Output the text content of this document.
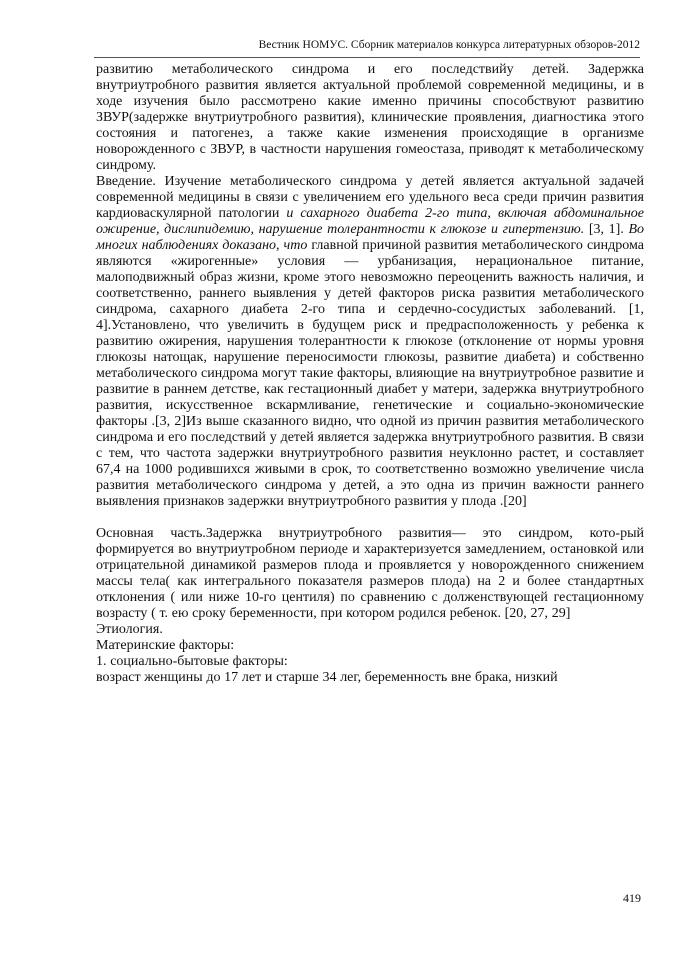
Вестник НОМУС. Сборник материалов конкурса литературных обзоров-2012

развитию метаболического синдрома и его последствийу детей. Задержка внутриутробного развития является актуальной проблемой современной медицины, и в ходе изучения было рассмотрено какие именно причины способствуют развитию ЗВУР(задержке внутриутробного развития), клинические проявления, диагностика этого состояния и патогенез, а также какие изменения происходящие в организме новорожденного с ЗВУР, в частности нарушения гомеостаза, приводят к метаболическому синдрому.

Введение. Изучение метаболического синдрома у детей является актуальной задачей современной медицины в связи с увеличением его удельного веса среди причин развития кардиоваскулярной патологии и сахарного диабета 2-го типа, включая абдоминальное ожирение, дислипидемию, нарушение толерантности к глюкозе и гипертензию. [3, 1]. Во многих наблюдениях доказано, что главной причиной развития метаболического синдрома являются «жирогенные» условия — урбанизация, нерациональное питание, малоподвижный образ жизни, кроме этого невозможно переоценить важность наличия, и соответственно, раннего выявления у детей факторов риска развития метаболического синдрома, сахарного диабета 2-го типа и сердечно-сосудистых заболеваний. [1, 4].Установлено, что увеличить в будущем риск и предрасположенность у ребенка к развитию ожирения, нарушения толерантности к глюкозе (отклонение от нормы уровня глюкозы натощак, нарушение переносимости глюкозы, развитие диабета) и собственно метаболического синдрома могут такие факторы, влияющие на внутриутробное развитие и развитие в раннем детстве, как гестационный диабет у матери, задержка внутриутробного развития, искусственное вскармливание, генетические и социально-экономические факторы .[3, 2]Из выше сказанного видно, что одной из причин развития метаболического синдрома и его последствий у детей является задержка внутриутробного развития. В связи с тем, что частота задержки внутриутробного развития неуклонно растет, и составляет 67,4 на 1000 родившихся живыми в срок, то соответственно возможно увеличение числа развития метаболического синдрома у детей, а это одна из причин важности раннего выявления признаков задержки внутриутробного развития у плода .[20]

Основная часть.Задержка внутриутробного развития— это синдром, кото-рый формируется во внутриутробном периоде и характеризуется замедлением, остановкой или отрицательной динамикой размеров плода и проявляется у новорожденного снижением массы тела( как интегрального показателя размеров плода) на 2 и более стандартных отклонения ( или ниже 10-го центиля) по сравнению с долженствующей гестационному возрасту ( т. ею сроку беременности, при котором родился ребенок. [20, 27, 29]

Этиология.

Материнские факторы:

1. социально-бытовые факторы:

возраст женщины до 17 лет и старше 34 лег, беременность вне брака, низкий

419
